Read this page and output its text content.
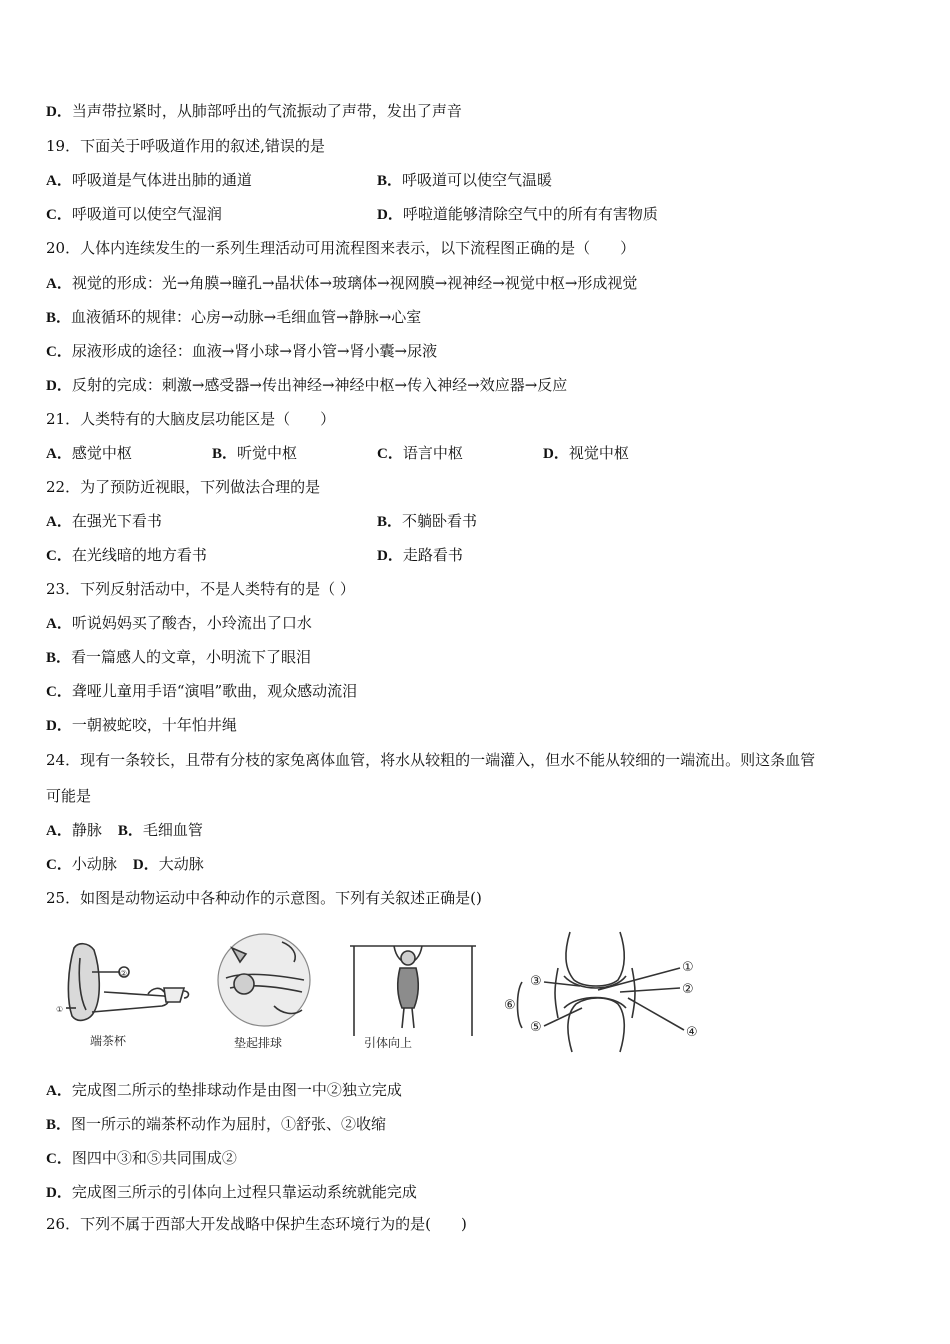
D．当声带拉紧时，从肺部呼出的气流振动了声带，发出了声音
19．下面关于呼吸道作用的叙述,错误的是
A．呼吸道是气体进出肺的通道	B．呼吸道可以使空气温暖
C．呼吸道可以使空气湿润	D．呼啦道能够清除空气中的所有有害物质
20．人体内连续发生的一系列生理活动可用流程图来表示，以下流程图正确的是（　　）
A．视觉的形成：光→角膜→瞳孔→晶状体→玻璃体→视网膜→视神经→视觉中枢→形成视觉
B．血液循环的规律：心房→动脉→毛细血管→静脉→心室
C．尿液形成的途径：血液→肾小球→肾小管→肾小囊→尿液
D．反射的完成：刺激→感受器→传出神经→神经中枢→传入神经→效应器→反应
21．人类特有的大脑皮层功能区是（　　）
A．感觉中枢	B．听觉中枢	C．语言中枢	D．视觉中枢
22．为了预防近视眼，下列做法合理的是
A．在强光下看书	B．不躺卧看书
C．在光线暗的地方看书	D．走路看书
23．下列反射活动中，不是人类特有的是（ ）
A．听说妈妈买了酸杏，小玲流出了口水
B．看一篇感人的文章，小明流下了眼泪
C．聋哑儿童用手语“演唱”歌曲，观众感动流泪
D．一朝被蛇咬，十年怕井绳
24．现有一条较长，且带有分枝的家兔离体血管，将水从较粗的一端灌入，但水不能从较细的一端流出。则这条血管
可能是
A．静脉 B．毛细血管
C．小动脉 D．大动脉
25．如图是动物运动中各种动作的示意图。下列有关叙述正确是()
②
①
端茶杯	垫起排球	引体向上
①
②
③
④
⑤
⑥
A．完成图二所示的垫排球动作是由图一中②独立完成
B．图一所示的端茶杯动作为屈肘，①舒张、②收缩
C．图四中③和⑤共同围成②
D．完成图三所示的引体向上过程只靠运动系统就能完成
26．下列不属于西部大开发战略中保护生态环境行为的是(　　)
